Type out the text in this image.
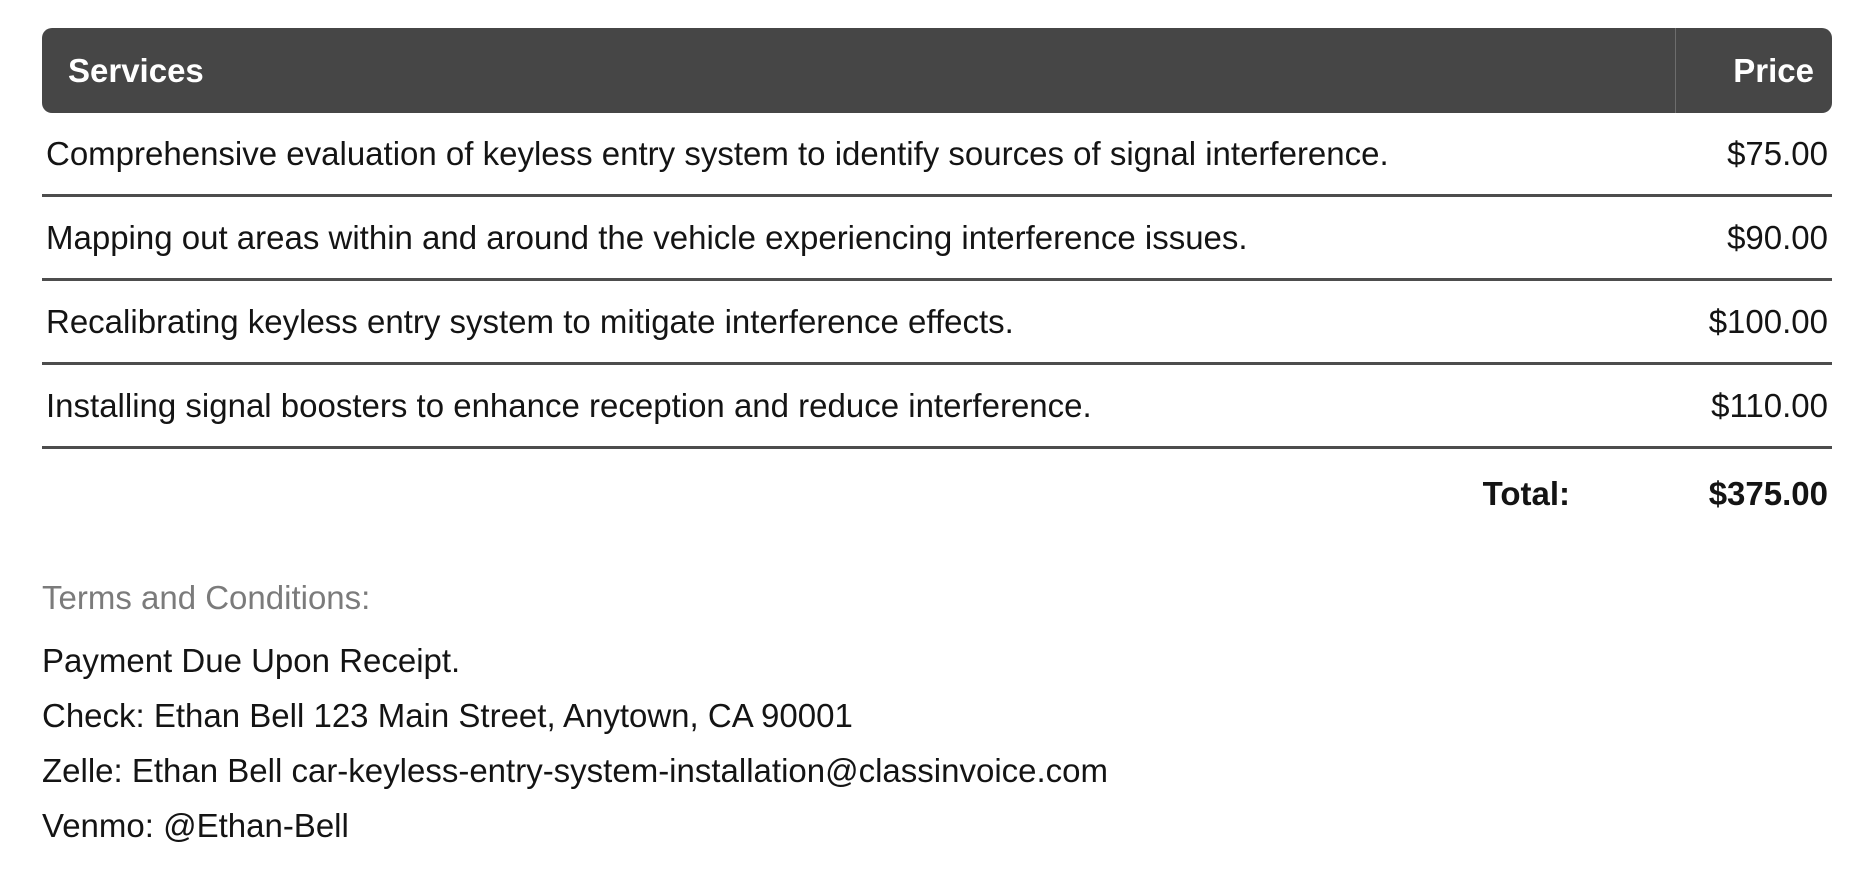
Services	Price
Comprehensive evaluation of keyless entry system to identify sources of signal interference.	$75.00
Mapping out areas within and around the vehicle experiencing interference issues.	$90.00
Recalibrating keyless entry system to mitigate interference effects.	$100.00
Installing signal boosters to enhance reception and reduce interference.	$110.00
Total:	$375.00
Terms and Conditions:
Payment Due Upon Receipt.
Check: Ethan Bell 123 Main Street, Anytown, CA 90001
Zelle: Ethan Bell car-keyless-entry-system-installation@classinvoice.com
Venmo: @Ethan-Bell
